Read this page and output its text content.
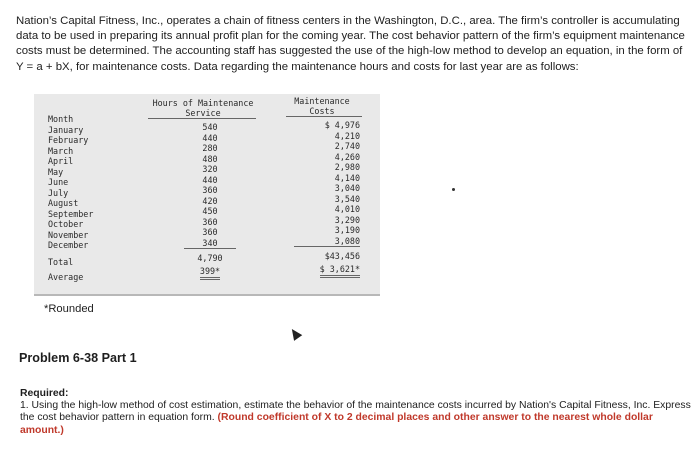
Nation’s Capital Fitness, Inc., operates a chain of fitness centers in the Washington, D.C., area. The firm’s controller is accumulating data to be used in preparing its annual profit plan for the coming year. The cost behavior pattern of the firm’s equipment maintenance costs must be determined. The accounting staff has suggested the use of the high-low method to develop an equation, in the form of Y = a + bX, for maintenance costs. Data regarding the maintenance hours and costs for last year are as follows:
Hours of Maintenance
Service
Maintenance
Costs
Month
January
February
March
April
May
June
July
August
September
October
November
December
Total
Average
540
440
280
480
320
440
360
420
450
360
360
340
4,790
399*
$ 4,976
4,210
2,740
4,260
2,980
4,140
3,040
3,540
4,010
3,290
3,190
3,080
$43,456
$ 3,621*
*Rounded
Problem 6-38 Part 1
Required:
1. Using the high-low method of cost estimation, estimate the behavior of the maintenance costs incurred by Nation's Capital Fitness, Inc. Express the cost behavior pattern in equation form. (Round coefficient of X to 2 decimal places and other answer to the nearest whole dollar amount.)
